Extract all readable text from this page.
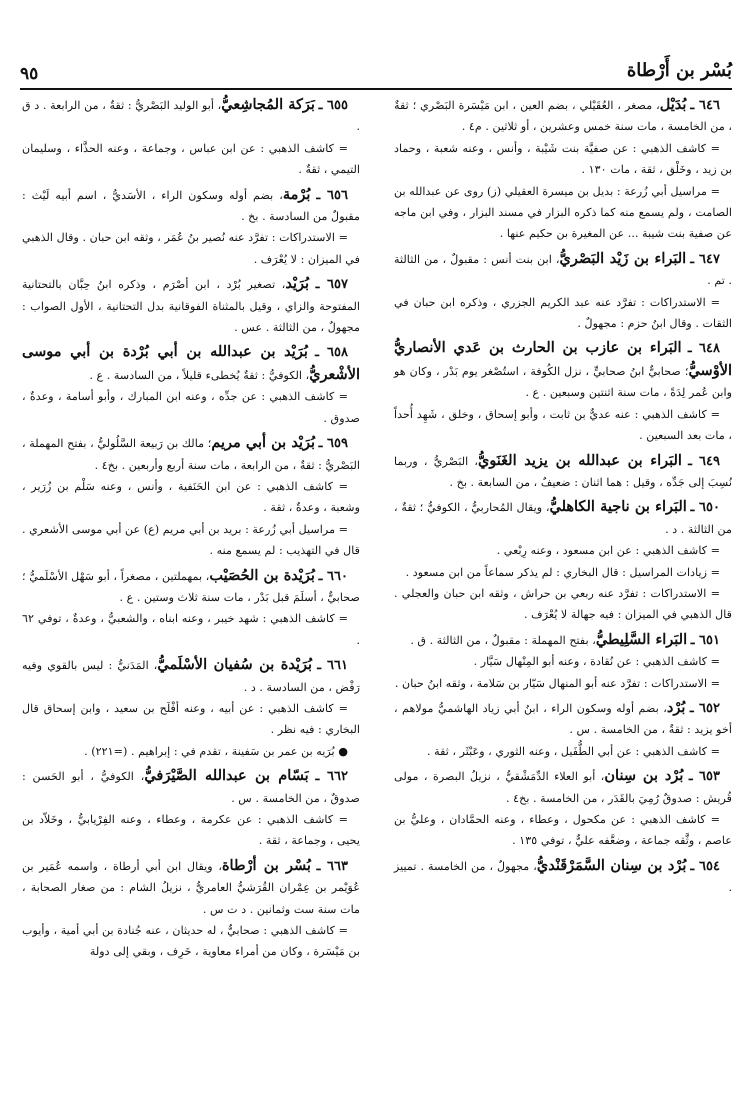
بُسْر بن أَرْطاة
٩٥

٦٤٦ ـ بُدَيْل، مصغر ، العُقَيْلي ، بضم العين ، ابن مَيْسَرة البَصْري ؛ ثقةٌ ، من الخامسة ، مات سنة خمس وعشرين ، أو ثلاثين . م٤ .

= كاشف الذهبي : عن صفيَّة بنت شَيْبة ، وأنس ، وعنه شعبة ، وحماد بن زيد ، وخَلْق ، ثقة ، مات ١٣٠ .

= مراسيل أبي زُرعة : بديل بن ميسرة العقيلي (ز) روى عن عبدالله بن الصامت ، ولم يسمع منه كما ذكره البزار في مسند البزار ، وفي ابن ماجه عن صفية بنت شيبة ... عن المغيرة بن حكيم عنها .

٦٤٧ ـ البَراء بن زَيْد البَصْريُّ، ابن بنت أنس : مقبولٌ ، من الثالثة . تم .

= الاستدراكات : تفرَّد عنه عبد الكريم الجزري ، وذكره ابن حبان في الثقات . وقال ابنُ حزم : مجهولٌ .

٦٤٨ ـ البَراء بن عازب بن الحارث بن عَدي الأنصاريُّ الأوْسيُّ؛ صحابيٌّ ابنُ صحابيٍّ ، نزل الكُوفة ، استُصْغر يوم بَدْر ، وكان هو وابن عُمر لِدَةً ، مات سنة اثنتين وسبعين . ع .

= كاشف الذهبي : عنه عديٌّ بن ثابت ، وأبو إسحاق ، وخلق ، شَهِد أُحداً ، مات بعد السبعين .

٦٤٩ ـ البَراء بن عبدالله بن يزيد الغَنَويُّ، البَصْريُّ ، وربما نُسِبَ إلى جَدِّه ، وقيل : هما اثنان : ضعيفٌ ، من السابعة . بخ .

٦٥٠ ـ البَراء بن ناجية الكاهليُّ، ويقال المُحاربيُّ ، الكوفيُّ ؛ ثقةٌ ، من الثالثة . د .

= كاشف الذهبي : عن ابن مسعود ، وعنه رِبْعي .

= زيادات المراسيل : قال البخاري : لم يذكر سماعاً من ابن مسعود .

= الاستدراكات : تفرَّد عنه ربعي بن حراش ، وثقه ابن حبان والعجلي . قال الذهبي في الميزان : فيه جهالة لا يُعْرَف .

٦٥١ ـ البَراء السَّلِيطيُّ، بفتح المهملة : مقبولٌ ، من الثالثة . ق .

= كاشف الذهبي : عن نُقادة ، وعنه أبو المِنْهال سَيَّار .

= الاستدراكات : تفرَّد عنه أبو المنهال سَيّار بن سَلامة ، وثقه ابنُ حبان .

٦٥٢ ـ بُرْد، بضم أوله وسكون الراء ، ابنُ أبي زياد الهاشميُّ مولاهم ، أخو يزيد : ثقةٌ ، من الخامسة . س .

= كاشف الذهبي : عن أبي الطُّفَيل ، وعنه الثوري ، وعَبْثَر ، ثقة .

٦٥٣ ـ بُرْد بن سِنان، أبو العلاء الدِّمَشْقيُّ ، نزيلُ البصرة ، مولى قُريش : صدوقٌ رُمِيَ بالقَدَر ، من الخامسة . بخ٤ .

= كاشف الذهبي : عن مكحول ، وعطاء ، وعنه الحمَّادان ، وعليُّ بن عاصم ، وثَّقه جماعة ، وضعَّفه عليٌّ ، توفي ١٣٥ .

٦٥٤ ـ بُرْد بن سِنان السَّمَرْقَنْديُّ، مجهولٌ ، من الخامسة . تمييز .

٦٥٥ ـ بَرَكة المُجاشِعيُّ، أبو الوليد البَصْريُّ : ثقةٌ ، من الرابعة . د ق .

= كاشف الذهبي : عن ابن عباس ، وجماعة ، وعنه الحذَّاء ، وسليمان التيمي ، ثقةٌ .

٦٥٦ ـ بُرْمة، بضم أوله وسكون الراء ، الأسَديُّ ، اسم أبيه لَيْث : مقبولٌ من السادسة . بخ .

= الاستدراكات : تفرَّد عنه نُصير بنُ عُمَر ، وثقه ابن حبان . وقال الذهبي في الميزان : لا يُعْرَف .

٦٥٧ ـ بُرَيْد، تصغير بُرْد ، ابن أصْرَم ، وذكره ابنُ حِبَّان بالتحتانية المفتوحة والزاي ، وقيل بالمثناة الفوقانية بدل التحتانية ، الأول الصواب : مجهولٌ ، من الثالثة . عس .

٦٥٨ ـ بُرَيْد بن عبدالله بن أبي بُرْدة بن أبي موسى الأشْعريُّ، الكوفيُّ : ثقةٌ يُخطىء قليلاً ، من السادسة . ع .

= كاشف الذهبي : عن جدِّه ، وعنه ابن المبارك ، وأبو أسامة ، وعدةٌ ، صدوق .

٦٥٩ ـ بُرَيْد بن أبي مريم؛ مالك بن رَبيعة السَّلُوليُّ ، بفتح المهملة ، البَصْريُّ : ثقةٌ ، من الرابعة ، مات سنة أربع وأربعين . بخ٤ .

= كاشف الذهبي : عن ابن الحَنَفية ، وأنس ، وعنه سَلْم بن زُرَير ، وشعبة ، وعدةٌ ، ثقة .

= مراسيل أبي زُرعة : بريد بن أبي مريم (ع) عن أبي موسى الأشعري . قال في التهذيب : لم يسمع منه .

٦٦٠ ـ بُرَيْدة بن الحُصَيْب، بمهملتين ، مصغراً ، أبو سَهْل الأسْلَميُّ ؛ صحابيٌّ ، أسلَمَ قبل بَدْر ، مات سنة ثلاث وستين . ع .

= كاشف الذهبي : شهد خيبر ، وعنه ابناه ، والشعبيُّ ، وعدةٌ ، توفي ٦٢ .

٦٦١ ـ بُرَيْدة بن سُفيان الأسْلَميُّ، المَدَنيُّ : ليس بالقوي وفيه رَفْض ، من السادسة . د .

= كاشف الذهبي : عن أبيه ، وعنه أفْلَح بن سعيد ، وابن إسحاق قال البخاري : فيه نظر .

● بُرَيه بن عمر بن سَفينة ، تقدم في : إبراهيم . (=٢٢١) .

٦٦٢ ـ بَسّام بن عبدالله الصَّيْرَفيُّ، الكوفيُّ ، أبو الحَسن : صدوقٌ ، من الخامسة . س .

= كاشف الذهبي : عن عكرمة ، وعطاء ، وعنه الفِرْيابيُّ ، وخَلاّد بن يحيى ، وجماعة ، ثقة .

٦٦٣ ـ بُسْر بن أرْطاة، ويقال ابن أبي أرطاة ، واسمه عُمَير بن عُوَيْمر بن عِمْران القُرَشيُّ العامريُّ ، نزيلُ الشام : من صغار الصحابة ، مات سنة ست وثمانين . د ت س .

= كاشف الذهبي : صحابيٌّ ، له حديثان ، عنه جُنادة بن أبي أمية ، وأيوب بن مَيْسَرة ، وكان من أمراء معاوية ، خَرِف ، وبقي إلى دولة
